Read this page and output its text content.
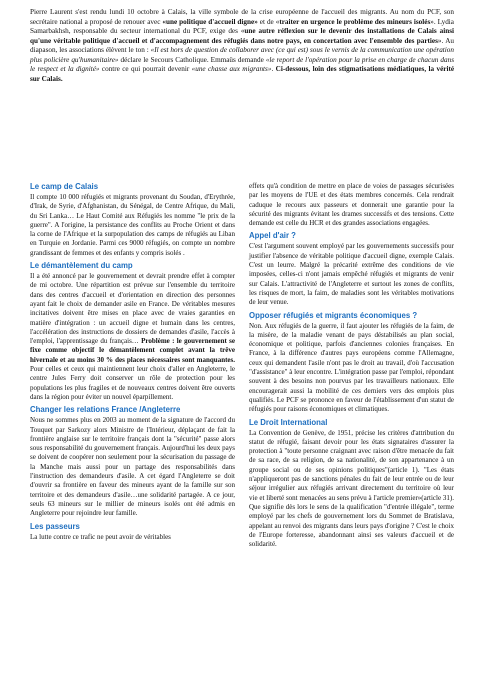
Pierre Laurent s'est rendu lundi 10 octobre à Calais, la ville symbole de la crise européenne de l'accueil des migrants. Au nom du PCF, son secrétaire national a proposé de renouer avec «une politique d'accueil digne» et de «traiter en urgence le problème des mineurs isolés». Lydia Samarbakhsh, responsable du secteur international du PCF, exige des «une autre réflexion sur le devenir des installations de Calais ainsi qu'une véritable politique d'accueil et d'accompagnement des réfugiés dans notre pays, en concertation avec l'ensemble des parties». Au diapason, les associations élèvent le ton : «Il est hors de question de collaborer avec (ce qui est) sous le vernis de la communication une opération plus policière qu'humanitaire» déclare le Secours Catholique. Emmaüs demande «le report de l'opération pour la prise en charge de chacun dans le respect et la dignité» contre ce qui pourrait devenir «une chasse aux migrants». Ci-dessous, loin des stigmatisations médiatiques, la vérité sur Calais.

Le camp de Calais

Il compte 10 000 réfugiés et migrants provenant du Soudan, d'Erythrée, d'Irak, de Syrie, d'Afghanistan, du Sénégal, de Centre Afrique, du Mali, du Sri Lanka… Le Haut Comité aux Réfugiés les nomme "le prix de la guerre". A l'origine, la persistance des conflits au Proche Orient et dans la corne de l'Afrique et la surpopulation des camps de réfugiés au Liban en Turquie en Jordanie. Parmi ces 9000 réfugiés, on compte un nombre grandissant de femmes et des enfants y compris isolés .

Le démantèlement du camp

Il a été annoncé par le gouvernement et devrait prendre effet à compter de mi octobre. Une répartition est prévue sur l'ensemble du territoire dans des centres d'accueil et d'orientation en direction des personnes ayant fait le choix de demander asile en France. De véritables mesures incitatives doivent être mises en place avec de vraies garanties en matière d'intégration : un accueil digne et humain dans les centres, l'accélération des instructions de dossiers de demandes d'asile, l'accès à l'emploi, l'apprentissage du français… Problème : le gouvernement se fixe comme objectif le démantèlement complet avant la trêve hivernale et au moins 30 % des places nécessaires sont manquantes. Pour celles et ceux qui maintiennent leur choix d'aller en Angleterre, le centre Jules Ferry doit conserver un rôle de protection pour les populations les plus fragiles et de nouveaux centres doivent être ouverts dans la région pour éviter un nouvel éparpillement.

Changer les relations France /Angleterre

Nous ne sommes plus en 2003 au moment de la signature de l'accord du Touquet par Sarkozy alors Ministre de l'Intérieur, déplaçant de fait la frontière anglaise sur le territoire français dont la "sécurité" passe alors sous responsabilité du gouvernement français. Aujourd'hui les deux pays se doivent de coopérer non seulement pour la sécurisation du passage de la Manche mais aussi pour un partage des responsabilités dans l'instruction des demandeurs d'asile. A cet égard l'Angleterre se doit d'ouvrir sa frontière en faveur des mineurs ayant de la famille sur son territoire et des demandeurs d'asile…une solidarité partagée. A ce jour, seuls 63 mineurs sur le millier de mineurs isolés ont été admis en Angleterre pour rejoindre leur famille.

Les passeurs

La lutte contre ce trafic ne peut avoir de véritables

effets qu'à condition de mettre en place de voies de passages sécurisées par les moyens de l'UE et des états membres concernés. Cela rendrait caduque le recours aux passeurs et donnerait une garantie pour la sécurité des migrants évitant les drames successifs et des tensions. Cette demande est celle du HCR et des grandes associations engagées.

Appel d'air ?

C'est l'argument souvent employé par les gouvernements successifs pour justifier l'absence de véritable politique d'accueil digne, exemple Calais. C'est un leurre. Malgré la précarité extrême des conditions de vie imposées, celles-ci n'ont jamais empêché réfugiés et migrants de venir sur Calais. L'attractivité de l'Angleterre et surtout les zones de conflits, les risques de mort, la faim, de maladies sont les véritables motivations de leur venue.

Opposer réfugiés et migrants économiques ?

Non. Aux réfugiés de la guerre, il faut ajouter les réfugiés de la faim, de la misère, de la maladie venant de pays déstabilisés au plan social, économique et politique, parfois d'anciennes colonies françaises. En France, à la différence d'autres pays européens comme l'Allemagne, ceux qui demandent l'asile n'ont pas le droit au travail, d'où l'accusation "d'assistance" à leur encontre. L'intégration passe par l'emploi, répondant souvent à des besoins non pourvus par les travailleurs nationaux. Elle encouragerait aussi la mobilité de ces derniers vers des emplois plus qualifiés. Le PCF se prononce en faveur de l'établissement d'un statut de réfugiés pour raisons économiques et climatiques.

Le Droit International

La Convention de Genève, de 1951, précise les critères d'attribution du statut de réfugié, faisant devoir pour les états signataires d'assurer la protection à "toute personne craignant avec raison d'être menacée du fait de sa race, de sa religion, de sa nationalité, de son appartenance à un groupe social ou de ses opinions politiques"(article 1). "Les états n'appliqueront pas de sanctions pénales du fait de leur entrée ou de leur séjour irrégulier aux réfugiés arrivant directement du territoire où leur vie et liberté sont menacées au sens prévu à l'article premier»(article 31). Que signifie dès lors le sens de la qualification "d'entrée illégale", terme employé par les chefs de gouvernement lors du Sommet de Bratislava, appelant au renvoi des migrants dans leurs pays d'origine ? C'est le choix de l'Europe forteresse, abandonnant ainsi ses valeurs d'accueil et de solidarité.
